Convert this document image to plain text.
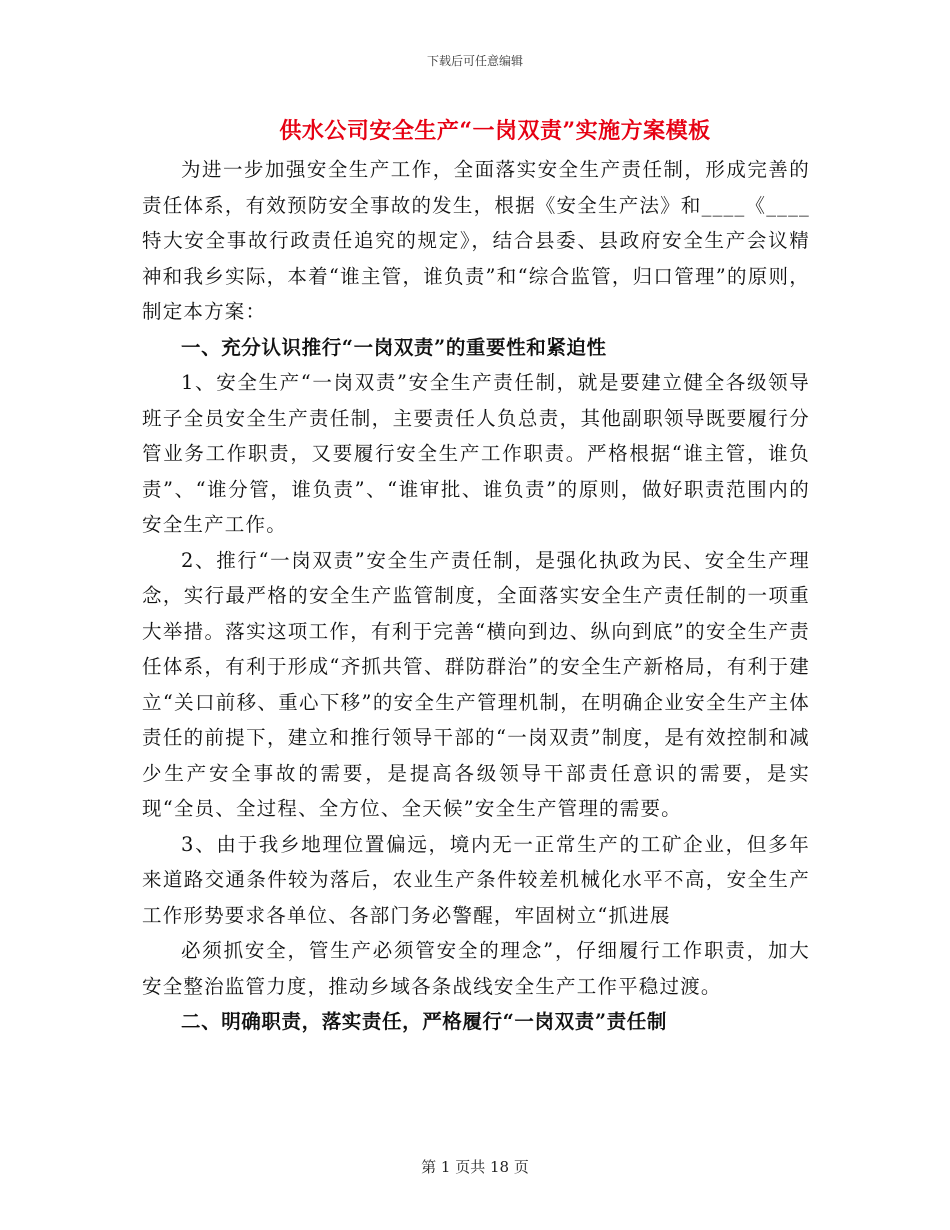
下载后可任意编辑
供水公司安全生产“一岗双责”实施方案模板

为进一步加强安全生产工作，全面落实安全生产责任制，形成完善的责任体系，有效预防安全事故的发生，根据《安全生产法》和____《____特大安全事故行政责任追究的规定》，结合县委、县政府安全生产会议精神和我乡实际，本着“谁主管，谁负责”和“综合监管，归口管理”的原则，制定本方案：

一、充分认识推行“一岗双责”的重要性和紧迫性

1、安全生产“一岗双责”安全生产责任制，就是要建立健全各级领导班子全员安全生产责任制，主要责任人负总责，其他副职领导既要履行分管业务工作职责，又要履行安全生产工作职责。严格根据“谁主管，谁负责”、“谁分管，谁负责”、“谁审批、谁负责”的原则，做好职责范围内的安全生产工作。

2、推行“一岗双责”安全生产责任制，是强化执政为民、安全生产理念，实行最严格的安全生产监管制度，全面落实安全生产责任制的一项重大举措。落实这项工作，有利于完善“横向到边、纵向到底”的安全生产责任体系，有利于形成“齐抓共管、群防群治”的安全生产新格局，有利于建立“关口前移、重心下移”的安全生产管理机制，在明确企业安全生产主体责任的前提下，建立和推行领导干部的“一岗双责”制度，是有效控制和减少生产安全事故的需要，是提高各级领导干部责任意识的需要，是实现“全员、全过程、全方位、全天候”安全生产管理的需要。

3、由于我乡地理位置偏远，境内无一正常生产的工矿企业，但多年来道路交通条件较为落后，农业生产条件较差机械化水平不高，安全生产工作形势要求各单位、各部门务必警醒，牢固树立“抓进展

必须抓安全，管生产必须管安全的理念”，仔细履行工作职责，加大安全整治监管力度，推动乡域各条战线安全生产工作平稳过渡。

二、明确职责，落实责任，严格履行“一岗双责”责任制

第 1 页共 18 页
